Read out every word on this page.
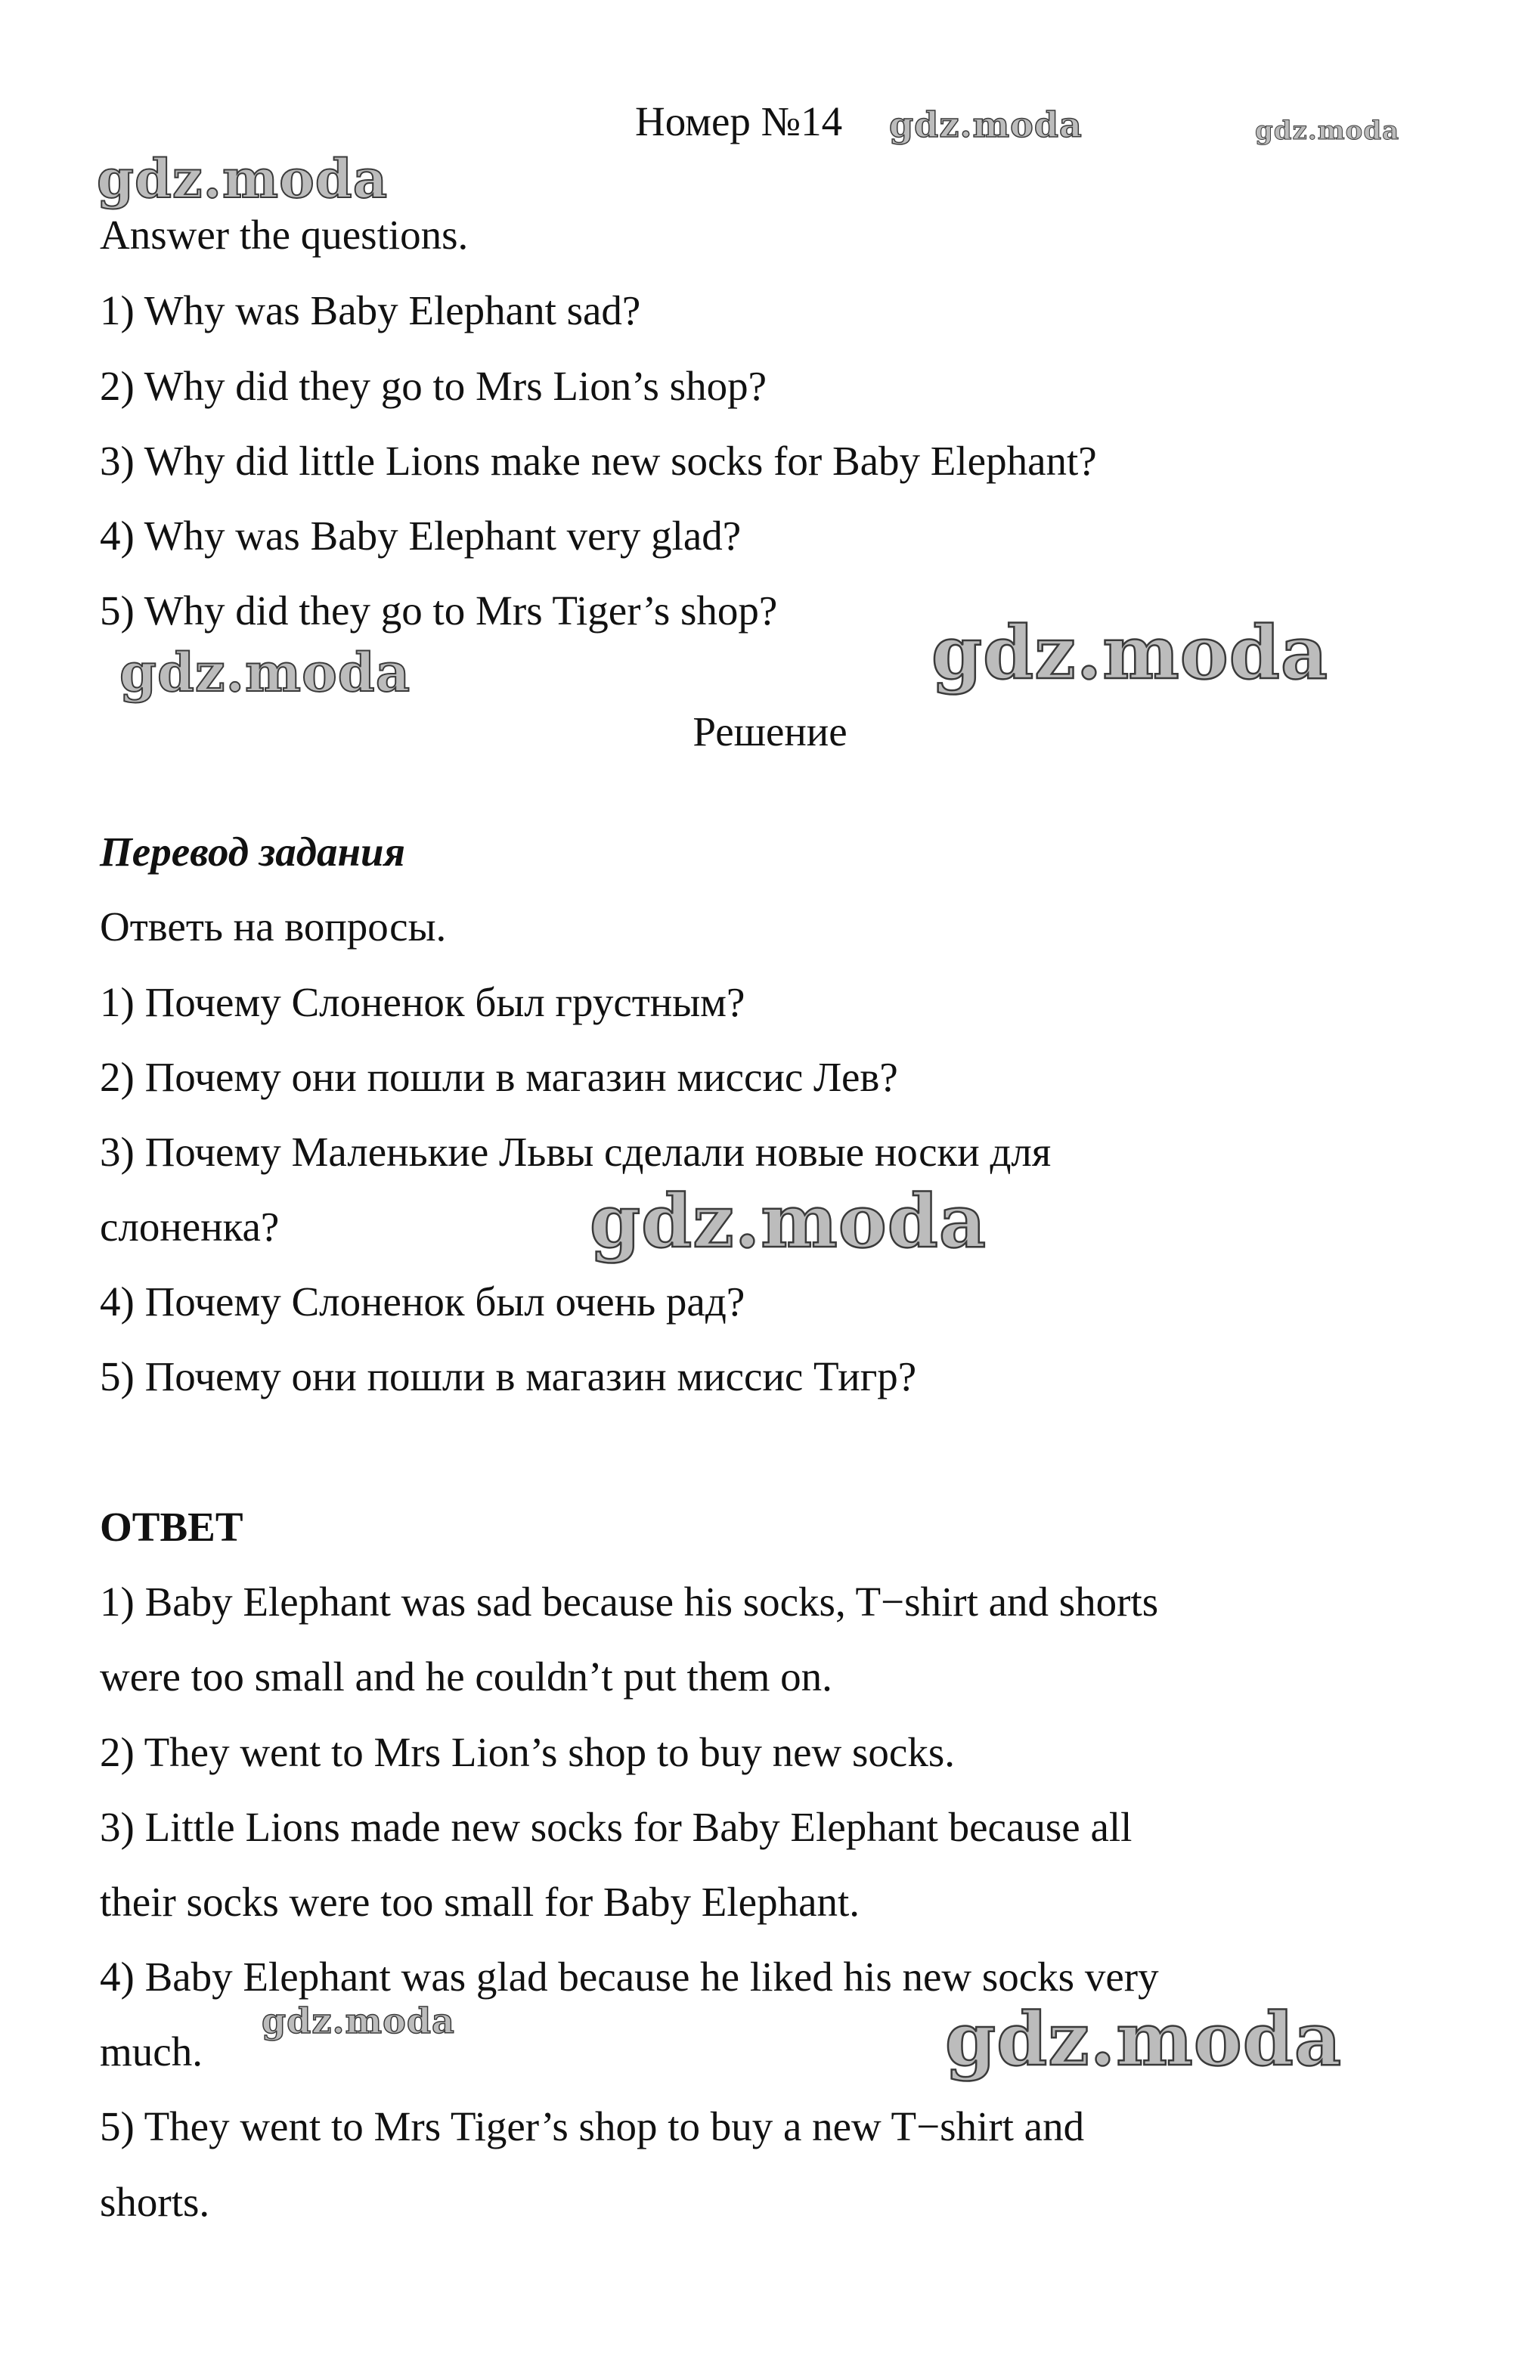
Номер №14
Answer the questions.
1) Why was Baby Elephant sad?
2) Why did they go to Mrs Lion’s shop?
3) Why did little Lions make new socks for Baby Elephant?
4) Why was Baby Elephant very glad?
5) Why did they go to Mrs Tiger’s shop?
Решение
Перевод задания
Ответь на вопросы.
1) Почему Слоненок был грустным?
2) Почему они пошли в магазин миссис Лев?
3) Почему Маленькие Львы сделали новые носки для
слоненка?
4) Почему Слоненок был очень рад?
5) Почему они пошли в магазин миссис Тигр?
ОТВЕТ
1) Baby Elephant was sad because his socks, T−shirt and shorts
were too small and he couldn’t put them on.
2) They went to Mrs Lion’s shop to buy new socks.
3) Little Lions made new socks for Baby Elephant because all
their socks were too small for Baby Elephant.
4) Baby Elephant was glad because he liked his new socks very
much.
5) They went to Mrs Tiger’s shop to buy a new T−shirt and
shorts.
gdz.moda	gdz.moda
gdz.moda
gdz.moda	gdz.moda
gdz.moda
gdz.moda	gdz.moda
